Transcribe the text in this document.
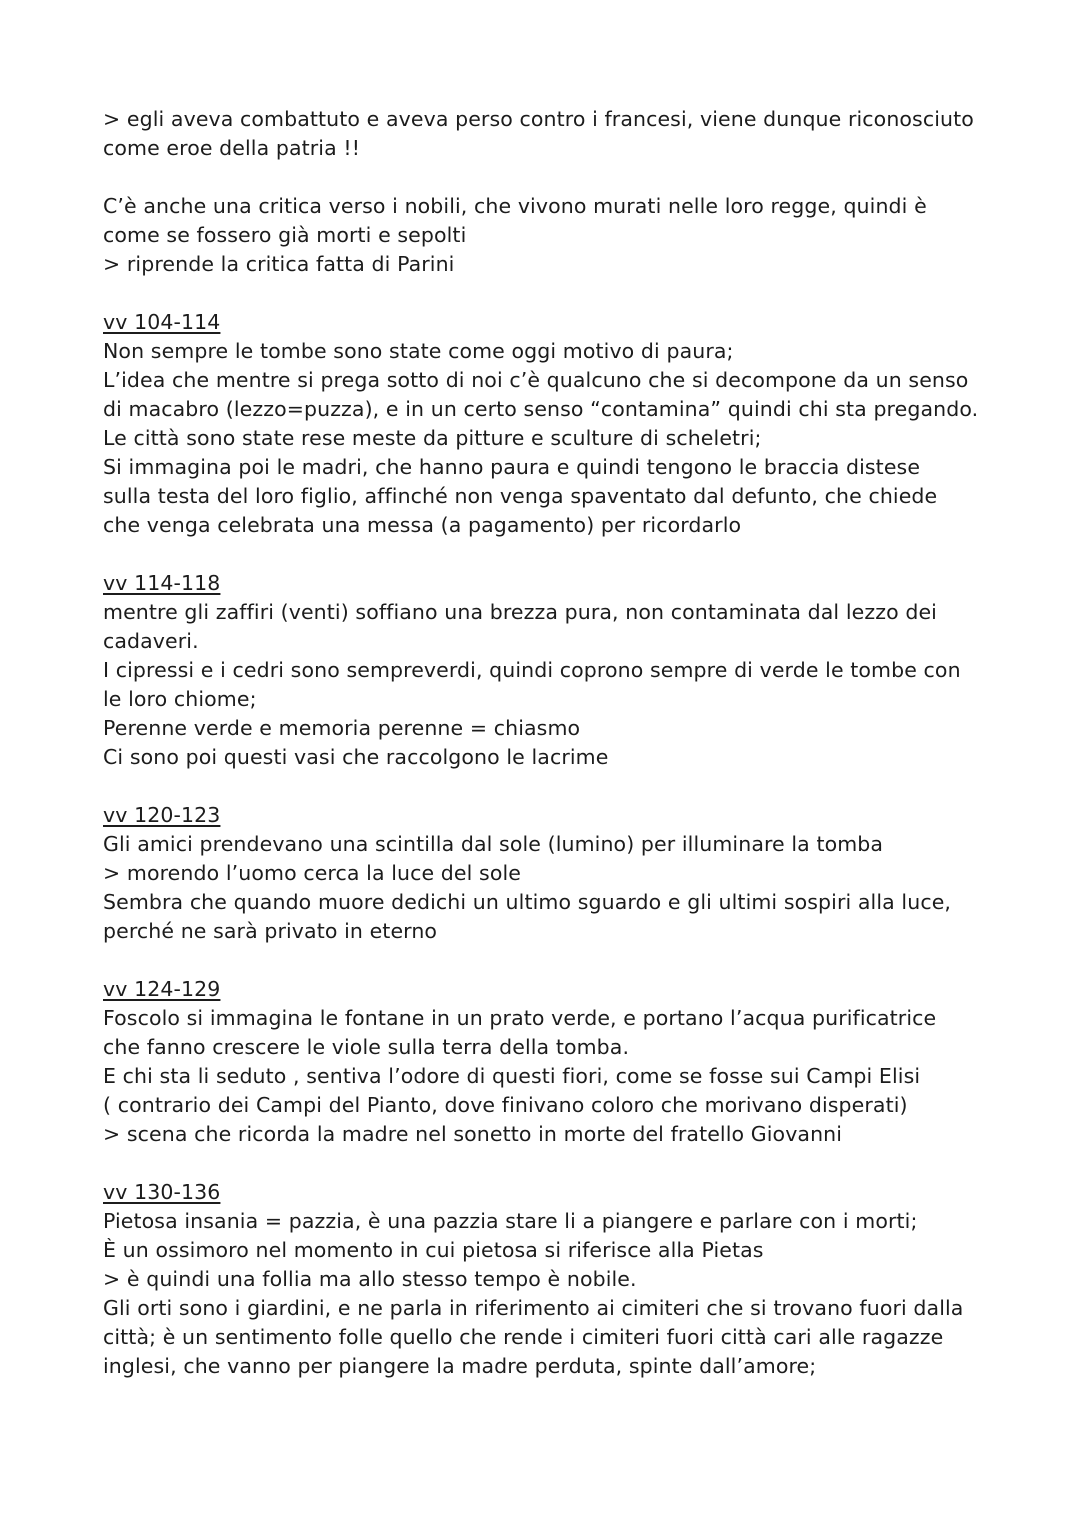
> egli aveva combattuto e aveva perso contro i francesi, viene dunque riconosciuto
come eroe della patria !!
C’è anche una critica verso i nobili, che vivono murati nelle loro regge, quindi è
come se fossero già morti e sepolti
> riprende la critica fatta di Parini
vv 104-114
Non sempre le tombe sono state come oggi motivo di paura;
L’idea che mentre si prega sotto di noi c’è qualcuno che si decompone da un senso
di macabro (lezzo=puzza), e in un certo senso “contamina” quindi chi sta pregando.
Le città sono state rese meste da pitture e sculture di scheletri;
Si immagina poi le madri, che hanno paura e quindi tengono le braccia distese
sulla testa del loro figlio, affinché non venga spaventato dal defunto, che chiede
che venga celebrata una messa (a pagamento) per ricordarlo
vv 114-118
mentre gli zaffiri (venti) soffiano una brezza pura, non contaminata dal lezzo dei
cadaveri.
I cipressi e i cedri sono sempreverdi, quindi coprono sempre di verde le tombe con
le loro chiome;
Perenne verde e memoria perenne = chiasmo
Ci sono poi questi vasi che raccolgono le lacrime
vv 120-123
Gli amici prendevano una scintilla dal sole (lumino) per illuminare la tomba
> morendo l’uomo cerca la luce del sole
Sembra che quando muore dedichi un ultimo sguardo e gli ultimi sospiri alla luce,
perché ne sarà privato in eterno
vv 124-129
Foscolo si immagina le fontane in un prato verde, e portano l’acqua purificatrice
che fanno crescere le viole sulla terra della tomba.
E chi sta li seduto , sentiva l’odore di questi fiori, come se fosse sui Campi Elisi
( contrario dei Campi del Pianto, dove finivano coloro che morivano disperati)
> scena che ricorda la madre nel sonetto in morte del fratello Giovanni
vv 130-136
Pietosa insania = pazzia, è una pazzia stare li a piangere e parlare con i morti;
È un ossimoro nel momento in cui pietosa si riferisce alla Pietas
> è quindi una follia ma allo stesso tempo è nobile.
Gli orti sono i giardini, e ne parla in riferimento ai cimiteri che si trovano fuori dalla
città; è un sentimento folle quello che rende i cimiteri fuori città cari alle ragazze
inglesi, che vanno per piangere la madre perduta, spinte dall’amore;
